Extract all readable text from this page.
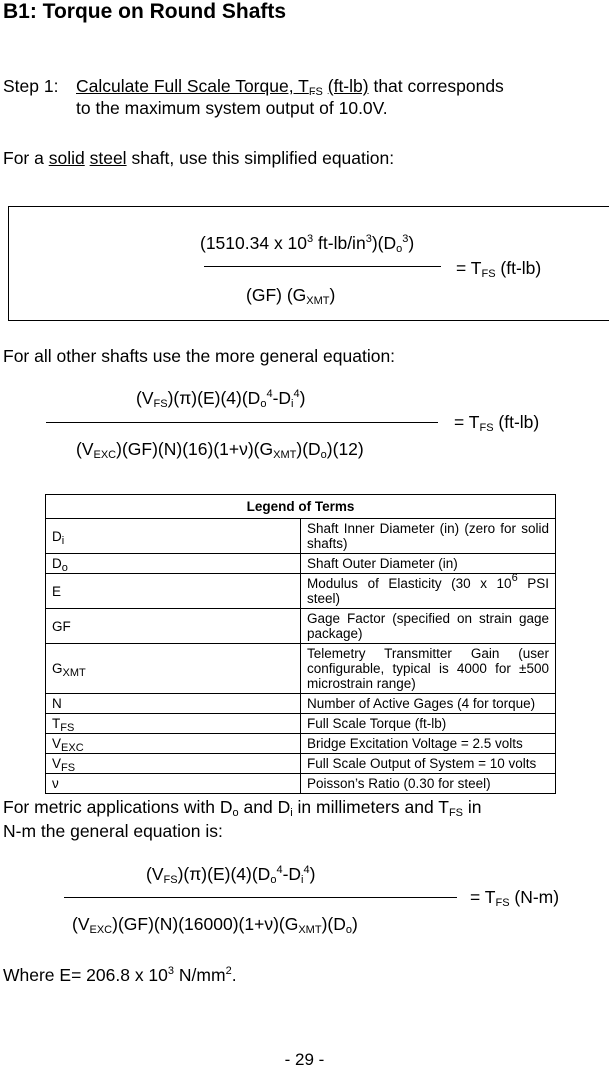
B1: Torque on Round Shafts
Step 1: Calculate Full Scale Torque, $T_{FS}$ (ft-lb) that corresponds
to the maximum system output of 10.0V.
For a solid steel shaft, use this simplified equation:
(1510.34 x $10^3$ $ft-lb/in^3)(D_o^3)$
(GF) $(G_{XMT})$
= $T_{FS}$ (ft-lb)
For all other shafts use the more general equation:
$(V_{FS})(\pi)(E)(4)(D_o^4-D_i^4)$
$(V_{EXC})(GF)(N)(16)(1+\nu)(G_{XMT})(D_o)(12)$
= $T_{FS}$ (ft-lb)
Legend of Terms	
$D_i$	Shaft Inner Diameter (in) (zero for solid shafts)
$D_o$	Shaft Outer Diameter (in)
E	Modulus of Elasticity (30 x $10^6$ PSI steel)
GF	Gage Factor (specified on strain gage package)
$G_{XMT}$	Telemetry Transmitter Gain (user configurable, typical is 4000 for ±500 microstrain range)
N	Number of Active Gages (4 for torque)
$T_{FS}$	Full Scale Torque (ft-lb)
$V_{EXC}$	Bridge Excitation Voltage = 2.5 volts
$V_{FS}$	Full Scale Output of System = 10 volts
ν	Poisson’s Ratio (0.30 for steel)
For metric applications with $D_o$ and $D_i$ in millimeters and $T_{FS}$ in
N-m the general equation is:
$(V_{FS})(\pi)(E)(4)(D_o^4-D_i^4)$
$(V_{EXC})(GF)(N)(16000)(1+\nu)(G_{XMT})(D_o)$
= $T_{FS}$ (N-m)
Where E= 206.8 x $10^3$ $N/mm^2$.
- 29 -
